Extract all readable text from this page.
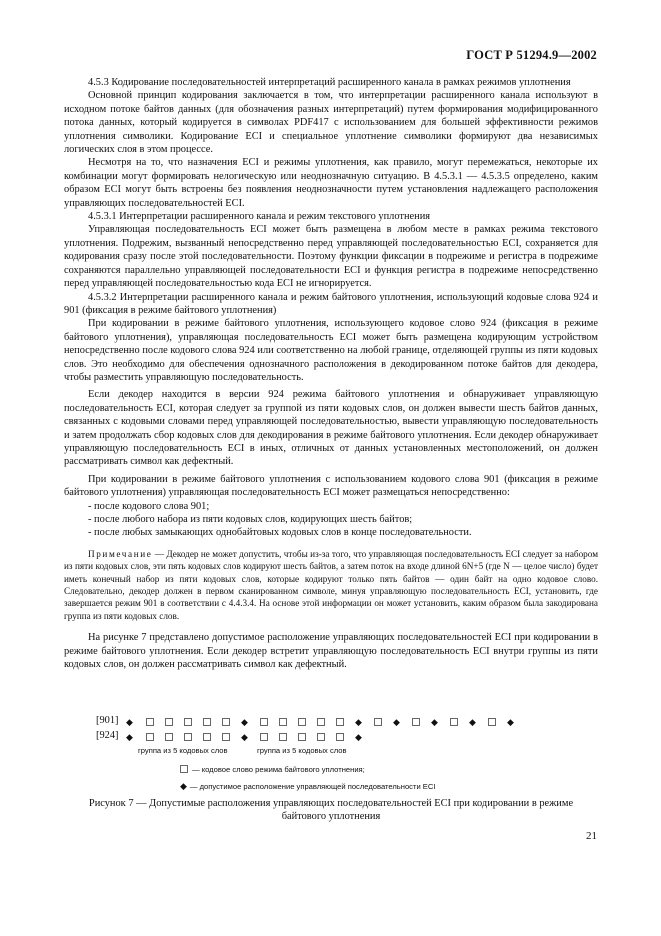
ГОСТ Р 51294.9—2002

4.5.3 Кодирование последовательностей интерпретаций расширенного канала в рамках режимов уплотнения

Основной принцип кодирования заключается в том, что интерпретации расширенного канала используют в исходном потоке байтов данных (для обозначения разных интерпретаций) путем формирования модифицированного потока данных, который кодируется в символах PDF417 с использованием для большей эффективности режимов уплотнения символики. Кодирование ECI и специальное уплотнение символики формируют два независимых логических слоя в этом процессе.

Несмотря на то, что назначения ECI и режимы уплотнения, как правило, могут перемежаться, некоторые их комбинации могут формировать нелогическую или неоднозначную ситуацию. В 4.5.3.1 — 4.5.3.5 определено, каким образом ECI могут быть встроены без появления неоднозначности путем установления надлежащего расположения управляющих последовательностей ECI.

4.5.3.1 Интерпретации расширенного канала и режим текстового уплотнения

Управляющая последовательность ECI может быть размещена в любом месте в рамках режима текстового уплотнения. Подрежим, вызванный непосредственно перед управляющей последовательностью ECI, сохраняется для кодирования сразу после этой последовательности. Поэтому функции фиксации в подрежиме и регистра в подрежиме сохраняются параллельно управляющей последовательности ECI и функция регистра в подрежиме непосредственно перед управляющей последовательностью кода ECI не игнорируется.

4.5.3.2 Интерпретации расширенного канала и режим байтового уплотнения, использующий кодовые слова 924 и 901 (фиксация в режиме байтового уплотнения)

При кодировании в режиме байтового уплотнения, использующего кодовое слово 924 (фиксация в режиме байтового уплотнения), управляющая последовательность ECI может быть размещена кодирующим устройством непосредственно после кодового слова 924 или соответственно на любой границе, отделяющей группы из пяти кодовых слов. Это необходимо для обеспечения однозначного расположения в декодированном потоке байтов для декодера, чтобы разместить управляющую последовательность.

Если декодер находится в версии 924 режима байтового уплотнения и обнаруживает управляющую последовательность ECI, которая следует за группой из пяти кодовых слов, он должен вывести шесть байтов данных, связанных с кодовыми словами перед управляющей последовательностью, вывести управляющую последовательность и затем продолжать сбор кодовых слов для декодирования в режиме байтового уплотнения. Если декодер обнаруживает управляющую последовательность ECI в иных, отличных от данных установленных местоположений, он должен рассматривать символ как дефектный.

При кодировании в режиме байтового уплотнения с использованием кодового слова 901 (фиксация в режиме байтового уплотнения) управляющая последовательность ECI может размещаться непосредственно:

- после кодового слова 901;

- после любого набора из пяти кодовых слов, кодирующих шесть байтов;

- после любых замыкающих однобайтовых кодовых слов в конце последовательности.

Примечание — Декодер не может допустить, чтобы из-за того, что управляющая последовательность ECI следует за набором из пяти кодовых слов, эти пять кодовых слов кодируют шесть байтов, а затем поток на входе длиной 6N+5 (где N — целое число) будет иметь конечный набор из пяти кодовых слов, которые кодируют только пять байтов — один байт на одно кодовое слово. Следовательно, декодер должен в первом сканированном символе, минуя управляющую последовательность ECI, установить, где завершается режим 901 в соответствии с 4.4.3.4. На основе этой информации он может установить, каким образом была закодирована группа из пяти кодовых слов.

На рисунке 7 представлено допустимое расположение управляющих последовательностей ECI при кодировании в режиме байтового уплотнения. Если декодер встретит управляющую последовательность ECI внутри группы из пяти кодовых слов, он должен рассматривать символ как дефектный.

[901] ◆	◆	◆	◆	◆	◆	◆
[924] ◆	◆	◆
группа из 5 кодовых слов	группа из 5 кодовых слов
— кодовое слово режима байтового уплотнения;
◆ — допустимое расположение управляющей последовательности ECI
Рисунок 7 — Допустимые расположения управляющих последовательностей ECI при кодировании в режиме
байтового уплотнения
21
